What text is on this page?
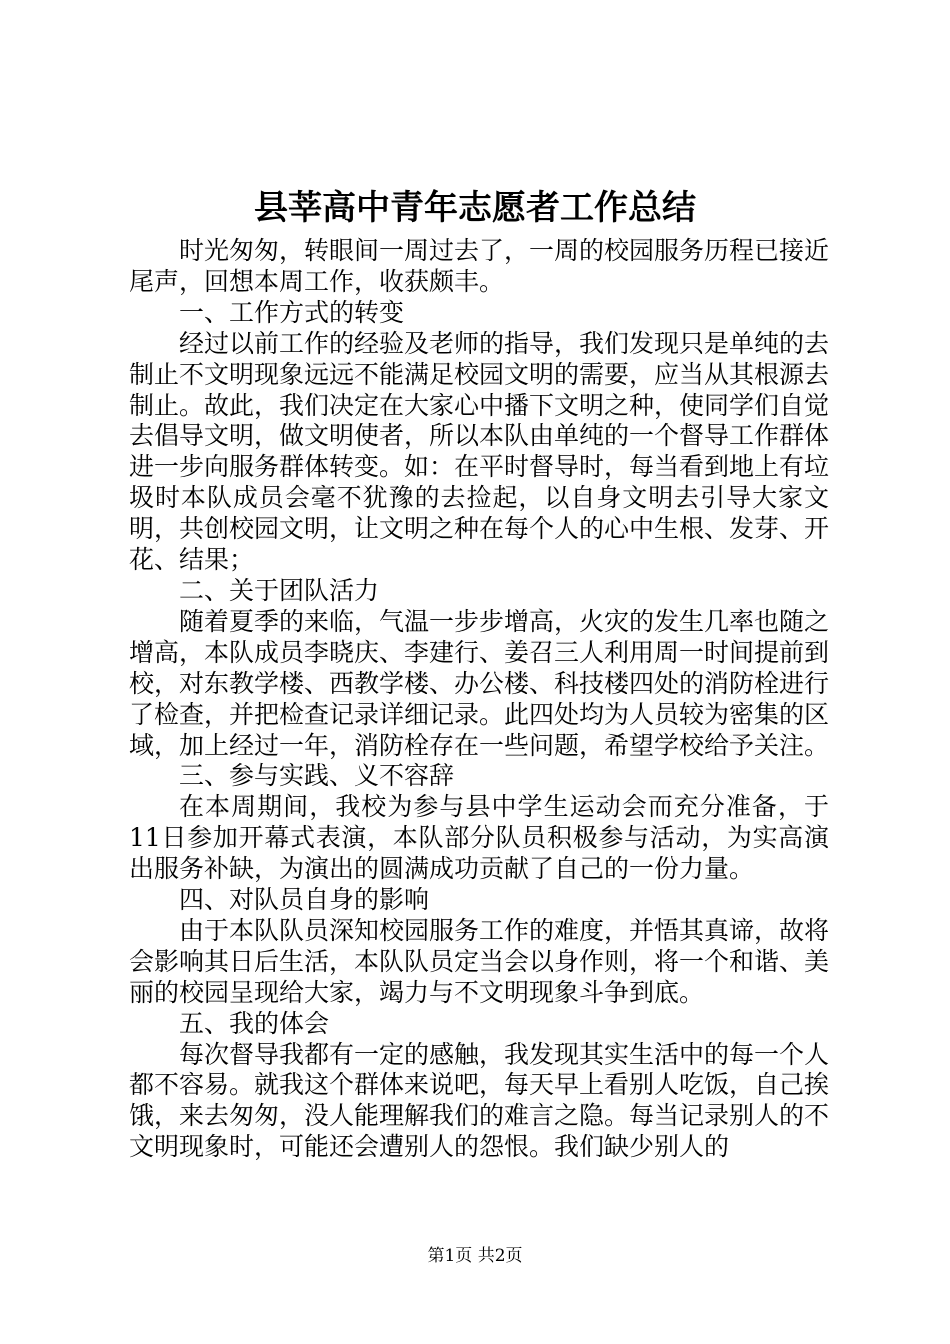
县莘高中青年志愿者工作总结

时光匆匆，转眼间一周过去了，一周的校园服务历程已接近尾声，回想本周工作，收获颇丰。

一、工作方式的转变

经过以前工作的经验及老师的指导，我们发现只是单纯的去制止不文明现象远远不能满足校园文明的需要，应当从其根源去制止。故此，我们决定在大家心中播下文明之种，使同学们自觉去倡导文明，做文明使者，所以本队由单纯的一个督导工作群体进一步向服务群体转变。如：在平时督导时，每当看到地上有垃圾时本队成员会毫不犹豫的去捡起，以自身文明去引导大家文明，共创校园文明，让文明之种在每个人的心中生根、发芽、开花、结果；

二、关于团队活力

随着夏季的来临，气温一步步增高，火灾的发生几率也随之增高，本队成员李晓庆、李建行、姜召三人利用周一时间提前到校，对东教学楼、西教学楼、办公楼、科技楼四处的消防栓进行了检查，并把检查记录详细记录。此四处均为人员较为密集的区域，加上经过一年，消防栓存在一些问题，希望学校给予关注。

三、参与实践、义不容辞

在本周期间，我校为参与县中学生运动会而充分准备，于11日参加开幕式表演，本队部分队员积极参与活动，为实高演出服务补缺，为演出的圆满成功贡献了自己的一份力量。

四、对队员自身的影响

由于本队队员深知校园服务工作的难度，并悟其真谛，故将会影响其日后生活，本队队员定当会以身作则，将一个和谐、美丽的校园呈现给大家，竭力与不文明现象斗争到底。

五、我的体会

每次督导我都有一定的感触，我发现其实生活中的每一个人都不容易。就我这个群体来说吧，每天早上看别人吃饭，自己挨饿，来去匆匆，没人能理解我们的难言之隐。每当记录别人的不文明现象时，可能还会遭别人的怨恨。我们缺少别人的

第1页 共2页
